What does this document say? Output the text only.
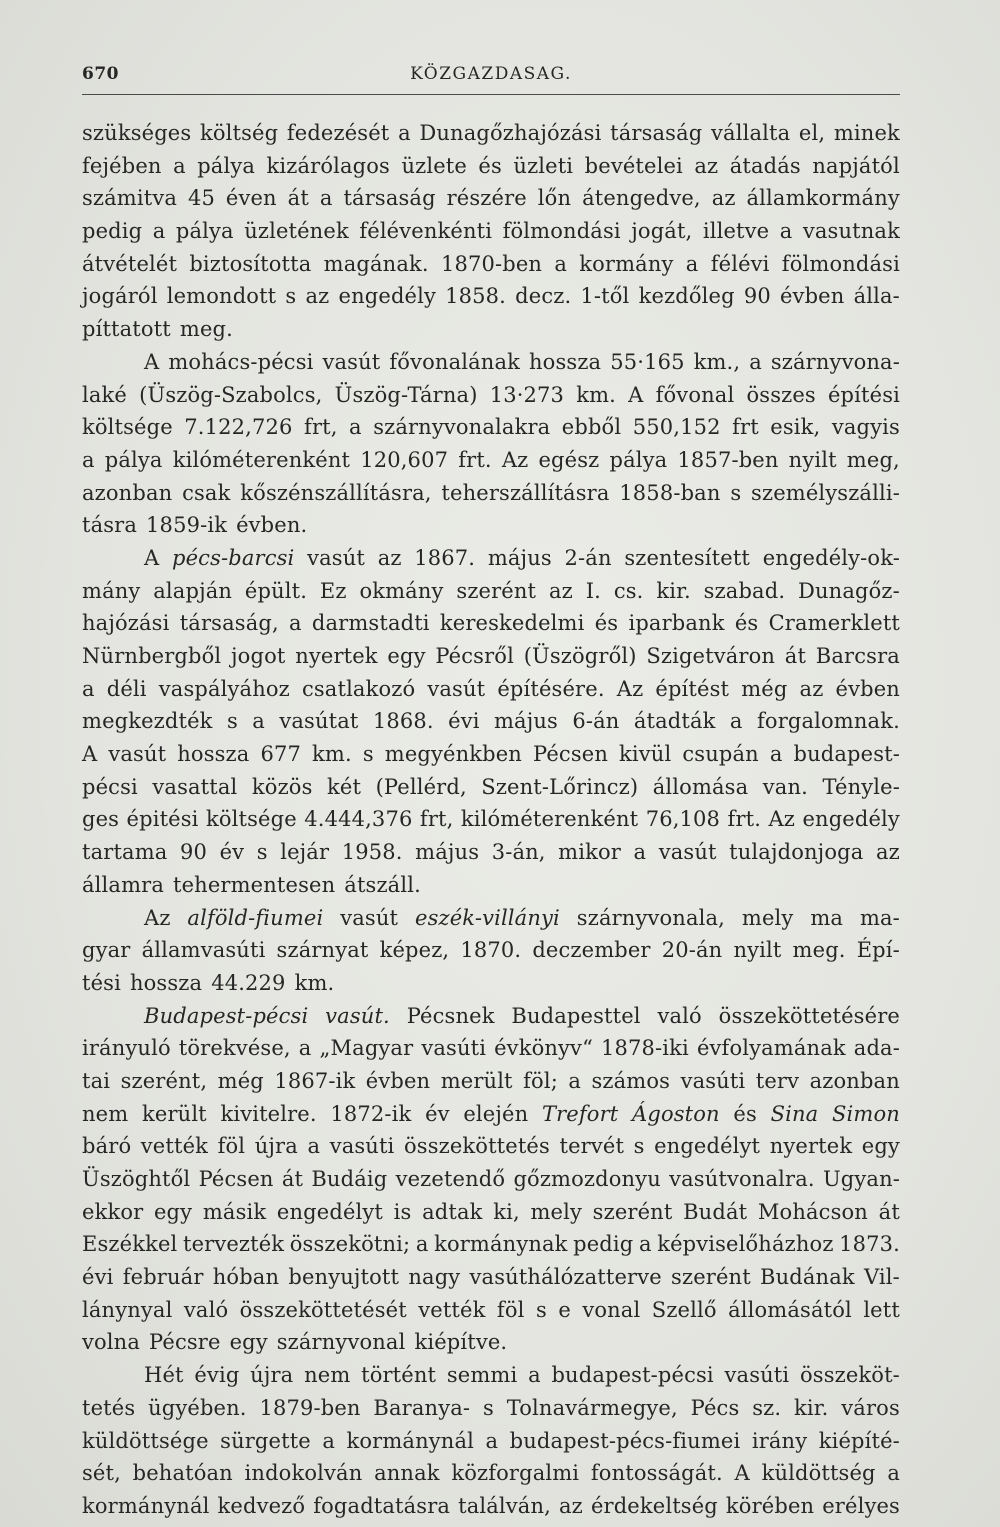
670	KÖZGAZDASAG.
szükséges költség fedezését a Dunagőzhajózási társaság vállalta el, minek
fejében a pálya kizárólagos üzlete és üzleti bevételei az átadás napjától
számitva 45 éven át a társaság részére lőn átengedve, az államkormány
pedig a pálya üzletének félévenkénti fölmondási jogát, illetve a vasutnak
átvételét biztosította magának. 1870-ben a kormány a félévi fölmondási
jogáról lemondott s az engedély 1858. decz. 1-től kezdőleg 90 évben álla-
píttatott meg.
A mohács-pécsi vasút fővonalának hossza 55·165 km., a szárnyvona-
laké (Üszög-Szabolcs, Üszög-Tárna) 13·273 km. A fővonal összes építési
költsége 7.122,726 frt, a szárnyvonalakra ebből 550,152 frt esik, vagyis
a pálya kilóméterenként 120,607 frt. Az egész pálya 1857-ben nyilt meg,
azonban csak kőszénszállításra, teherszállításra 1858-ban s személyszálli-
tásra 1859-ik évben.
A pécs-barcsi vasút az 1867. május 2-án szentesített engedély-ok-
mány alapján épült. Ez okmány szerént az I. cs. kir. szabad. Dunagőz-
hajózási társaság, a darmstadti kereskedelmi és iparbank és Cramerklett
Nürnbergből jogot nyertek egy Pécsről (Üszögről) Szigetváron át Barcsra
a déli vaspályához csatlakozó vasút építésére. Az építést még az évben
megkezdték s a vasútat 1868. évi május 6-án átadták a forgalomnak.
A vasút hossza 677 km. s megyénkben Pécsen kivül csupán a budapest-
pécsi vasattal közös két (Pellérd, Szent-Lőrincz) állomása van. Tényle-
ges épitési költsége 4.444,376 frt, kilóméterenként 76,108 frt. Az engedély
tartama 90 év s lejár 1958. május 3-án, mikor a vasút tulajdonjoga az
államra tehermentesen átszáll.
Az alföld-fiumei vasút eszék-villányi szárnyvonala, mely ma ma-
gyar államvasúti szárnyat képez, 1870. deczember 20-án nyilt meg. Épí-
tési hossza 44.229 km.
Budapest-pécsi vasút. Pécsnek Budapesttel való összeköttetésére
irányuló törekvése, a „Magyar vasúti évkönyv“ 1878-iki évfolyamának ada-
tai szerént, még 1867-ik évben merült föl; a számos vasúti terv azonban
nem került kivitelre. 1872-ik év elején Trefort Ágoston és Sina Simon
báró vették föl újra a vasúti összeköttetés tervét s engedélyt nyertek egy
Üszöghtől Pécsen át Budáig vezetendő gőzmozdonyu vasútvonalra. Ugyan-
ekkor egy másik engedélyt is adtak ki, mely szerént Budát Mohácson át
Eszékkel tervezték összekötni; a kormánynak pedig a képviselőházhoz 1873.
évi február hóban benyujtott nagy vasúthálózatterve szerént Budának Vil-
lánynyal való összeköttetését vették föl s e vonal Szellő állomásától lett
volna Pécsre egy szárnyvonal kiépítve.
Hét évig újra nem történt semmi a budapest-pécsi vasúti összeköt-
tetés ügyében. 1879-ben Baranya- s Tolnavármegye, Pécs sz. kir. város
küldöttsége sürgette a kormánynál a budapest-pécs-fiumei irány kiépíté-
sét, behatóan indokolván annak közforgalmi fontosságát. A küldöttség a
kormánynál kedvező fogadtatásra találván, az érdekeltség körében erélyes
